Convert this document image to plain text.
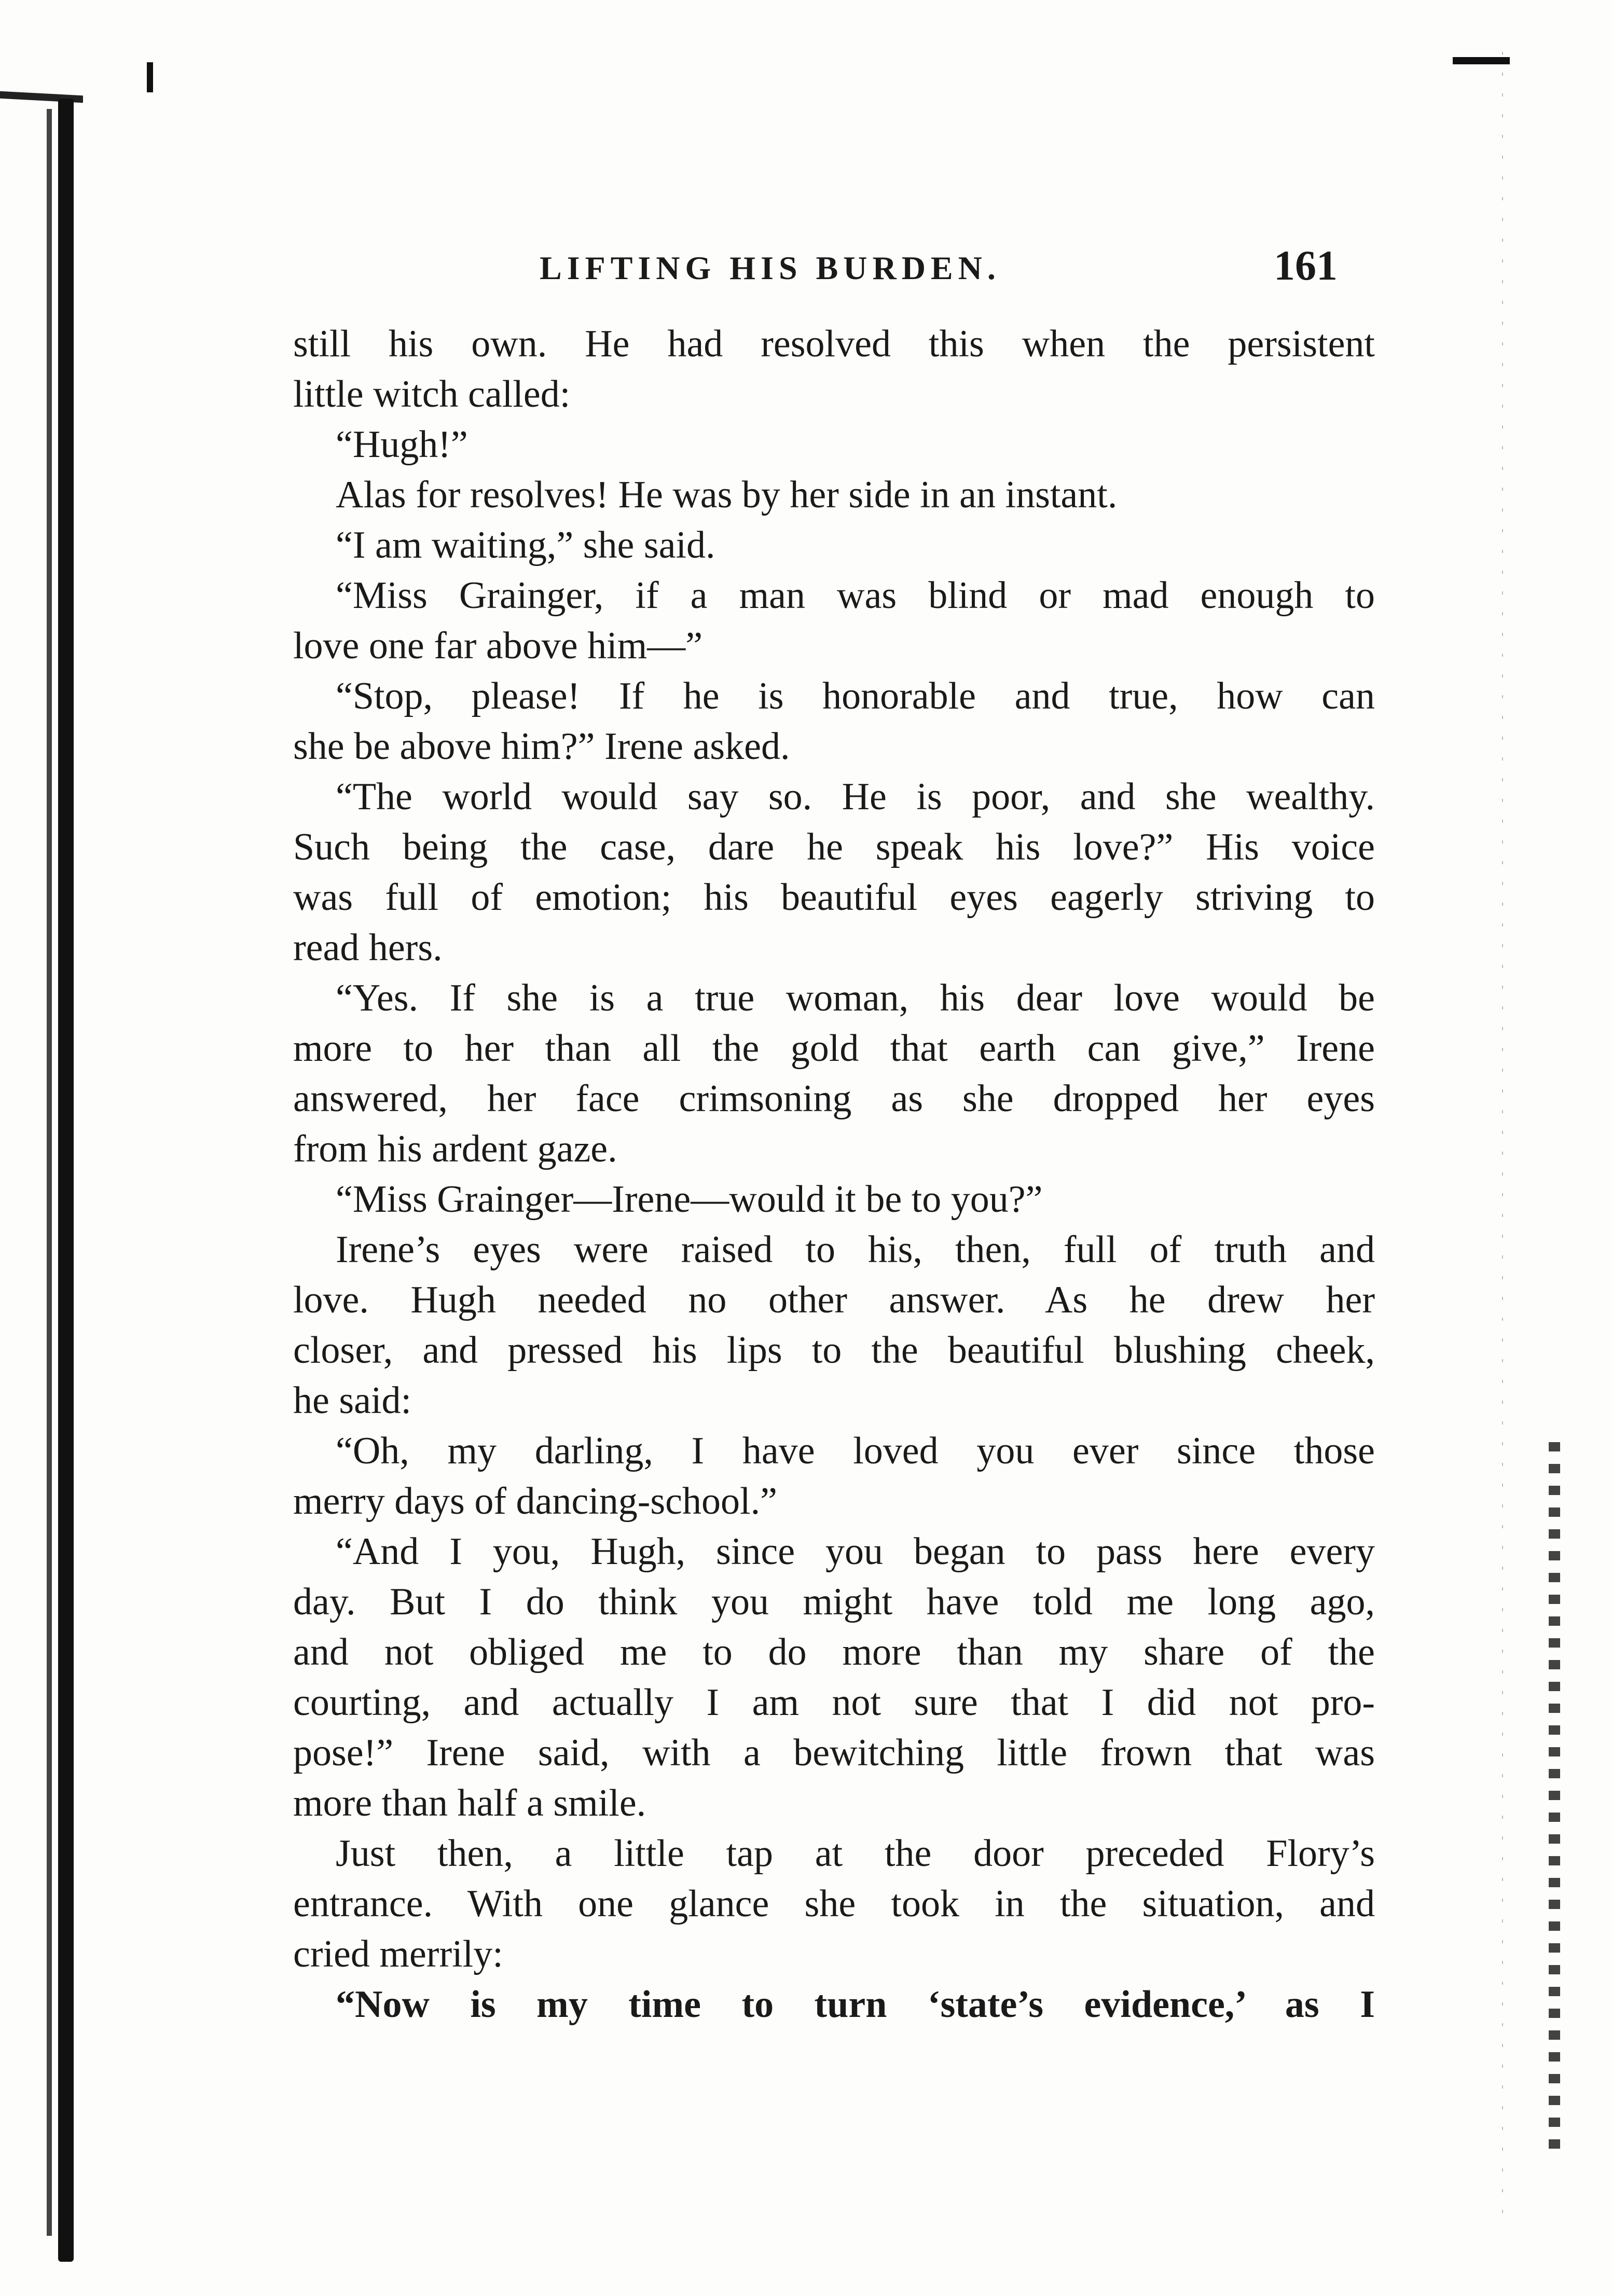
LIFTING HIS BURDEN.	161
still his own. He had resolved this when the persistent
little witch called:
“Hugh!”
Alas for resolves! He was by her side in an instant.
“I am waiting,” she said.
“Miss Grainger, if a man was blind or mad enough to
love one far above him—”
“Stop, please! If he is honorable and true, how can
she be above him?” Irene asked.
“The world would say so. He is poor, and she wealthy.
Such being the case, dare he speak his love?” His voice
was full of emotion; his beautiful eyes eagerly striving to
read hers.
“Yes. If she is a true woman, his dear love would be
more to her than all the gold that earth can give,” Irene
answered, her face crimsoning as she dropped her eyes
from his ardent gaze.
“Miss Grainger—Irene—would it be to you?”
Irene’s eyes were raised to his, then, full of truth and
love. Hugh needed no other answer. As he drew her
closer, and pressed his lips to the beautiful blushing cheek,
he said:
“Oh, my darling, I have loved you ever since those
merry days of dancing-school.”
“And I you, Hugh, since you began to pass here every
day. But I do think you might have told me long ago,
and not obliged me to do more than my share of the
courting, and actually I am not sure that I did not pro-
pose!” Irene said, with a bewitching little frown that was
more than half a smile.
Just then, a little tap at the door preceded Flory’s
entrance. With one glance she took in the situation, and
cried merrily:
“Now is my time to turn ‘state’s evidence,’ as I
